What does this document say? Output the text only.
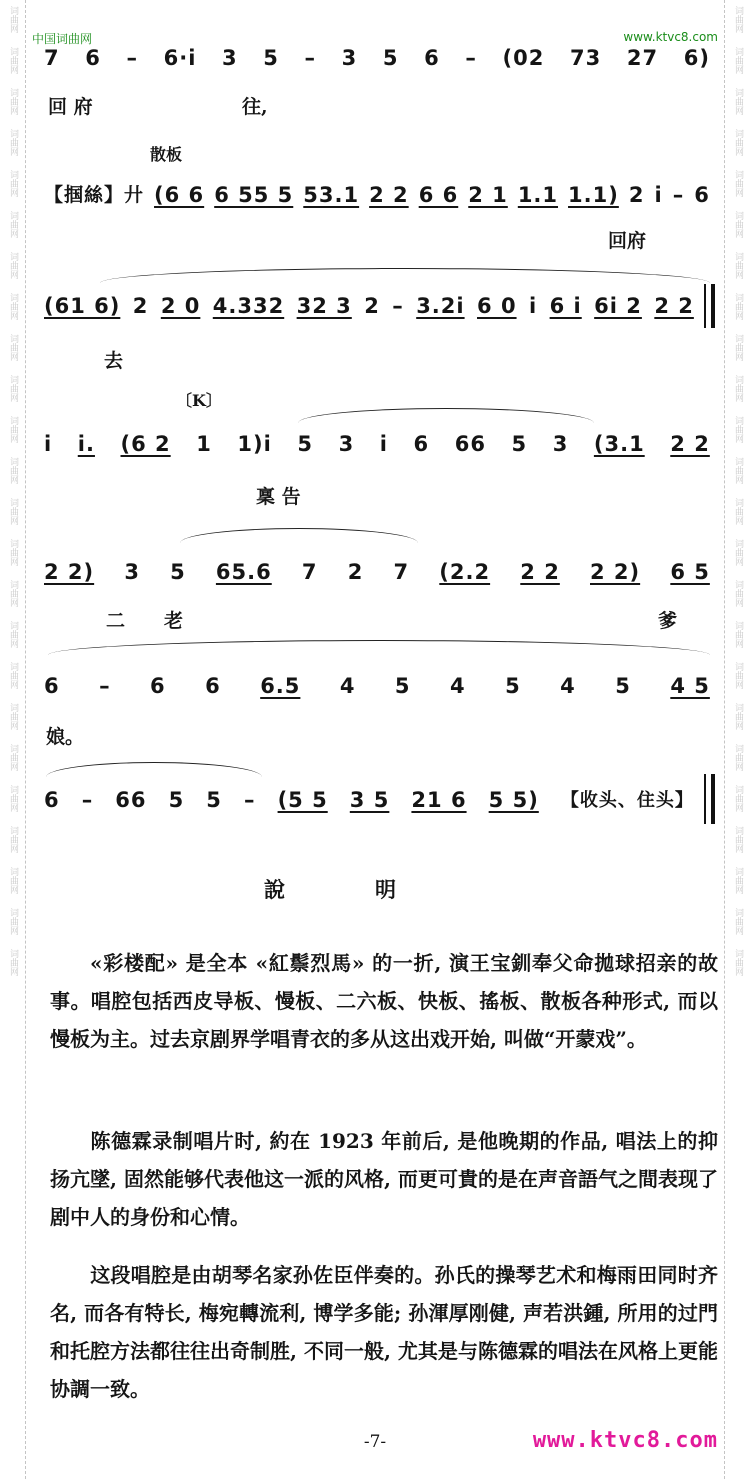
词曲网
词曲网
词曲网
词曲网
词曲网
词曲网
词曲网
词曲网
词曲网
词曲网
词曲网
词曲网
词曲网
词曲网
词曲网
词曲网
词曲网
词曲网
词曲网
词曲网
词曲网
词曲网
词曲网
词曲网
词曲网
词曲网
词曲网
词曲网
词曲网
词曲网
词曲网
词曲网
词曲网
词曲网
词曲网
词曲网
词曲网
词曲网
词曲网
词曲网
词曲网
词曲网
词曲网
词曲网
词曲网
词曲网
词曲网
词曲网
中国词曲网	www.ktvc8.com
7 6 – 6·i 3 5 – 3 5 6 – (02 73 27 6)
回 府	往,
散板
【掴絲】廾 (6 6 6 55 5 53.1 2 2 6 6 2 1 1.1 1.1) 2 i – 6
回府
(61 6) 2 2 0 4.332 32 3 2 – 3.2i 6 0 i 6 i 6i 2 2 2
去
〔K〕
i i. (6 2 1 1)i 5 3 i 6 66 5 3 (3.1 2 2
稟 告
2 2) 3 5 65.6 7 2 7 (2.2 2 2 2 2) 6 5
二 老	爹
6 – 6 6 6.5 4 5 4 5 4 5 4 5
娘。
6 – 66 5 5 – (5 5 3 5 21 6 5 5) 【收头、住头】
說明
«彩楼配» 是全本 «紅鬃烈馬» 的一折, 演王宝釧奉父命拋球招亲的故事。唱腔包括西皮导板、慢板、二六板、快板、搖板、散板各种形式, 而以慢板为主。过去京剧界学唱青衣的多从这出戏开始, 叫做“开蒙戏”。
陈德霖录制唱片时, 約在 1923 年前后, 是他晚期的作品, 唱法上的抑扬亢墜, 固然能够代表他这一派的风格, 而更可貴的是在声音語气之間表现了剧中人的身份和心情。
这段唱腔是由胡琴名家孙佐臣伴奏的。孙氏的操琴艺术和梅雨田同时齐名, 而各有特长, 梅宛轉流利, 博学多能; 孙渾厚刚健, 声若洪鍾, 所用的过門和托腔方法都往往出奇制胜, 不同一般, 尤其是与陈德霖的唱法在风格上更能协調一致。
-7-	www.ktvc8.com
